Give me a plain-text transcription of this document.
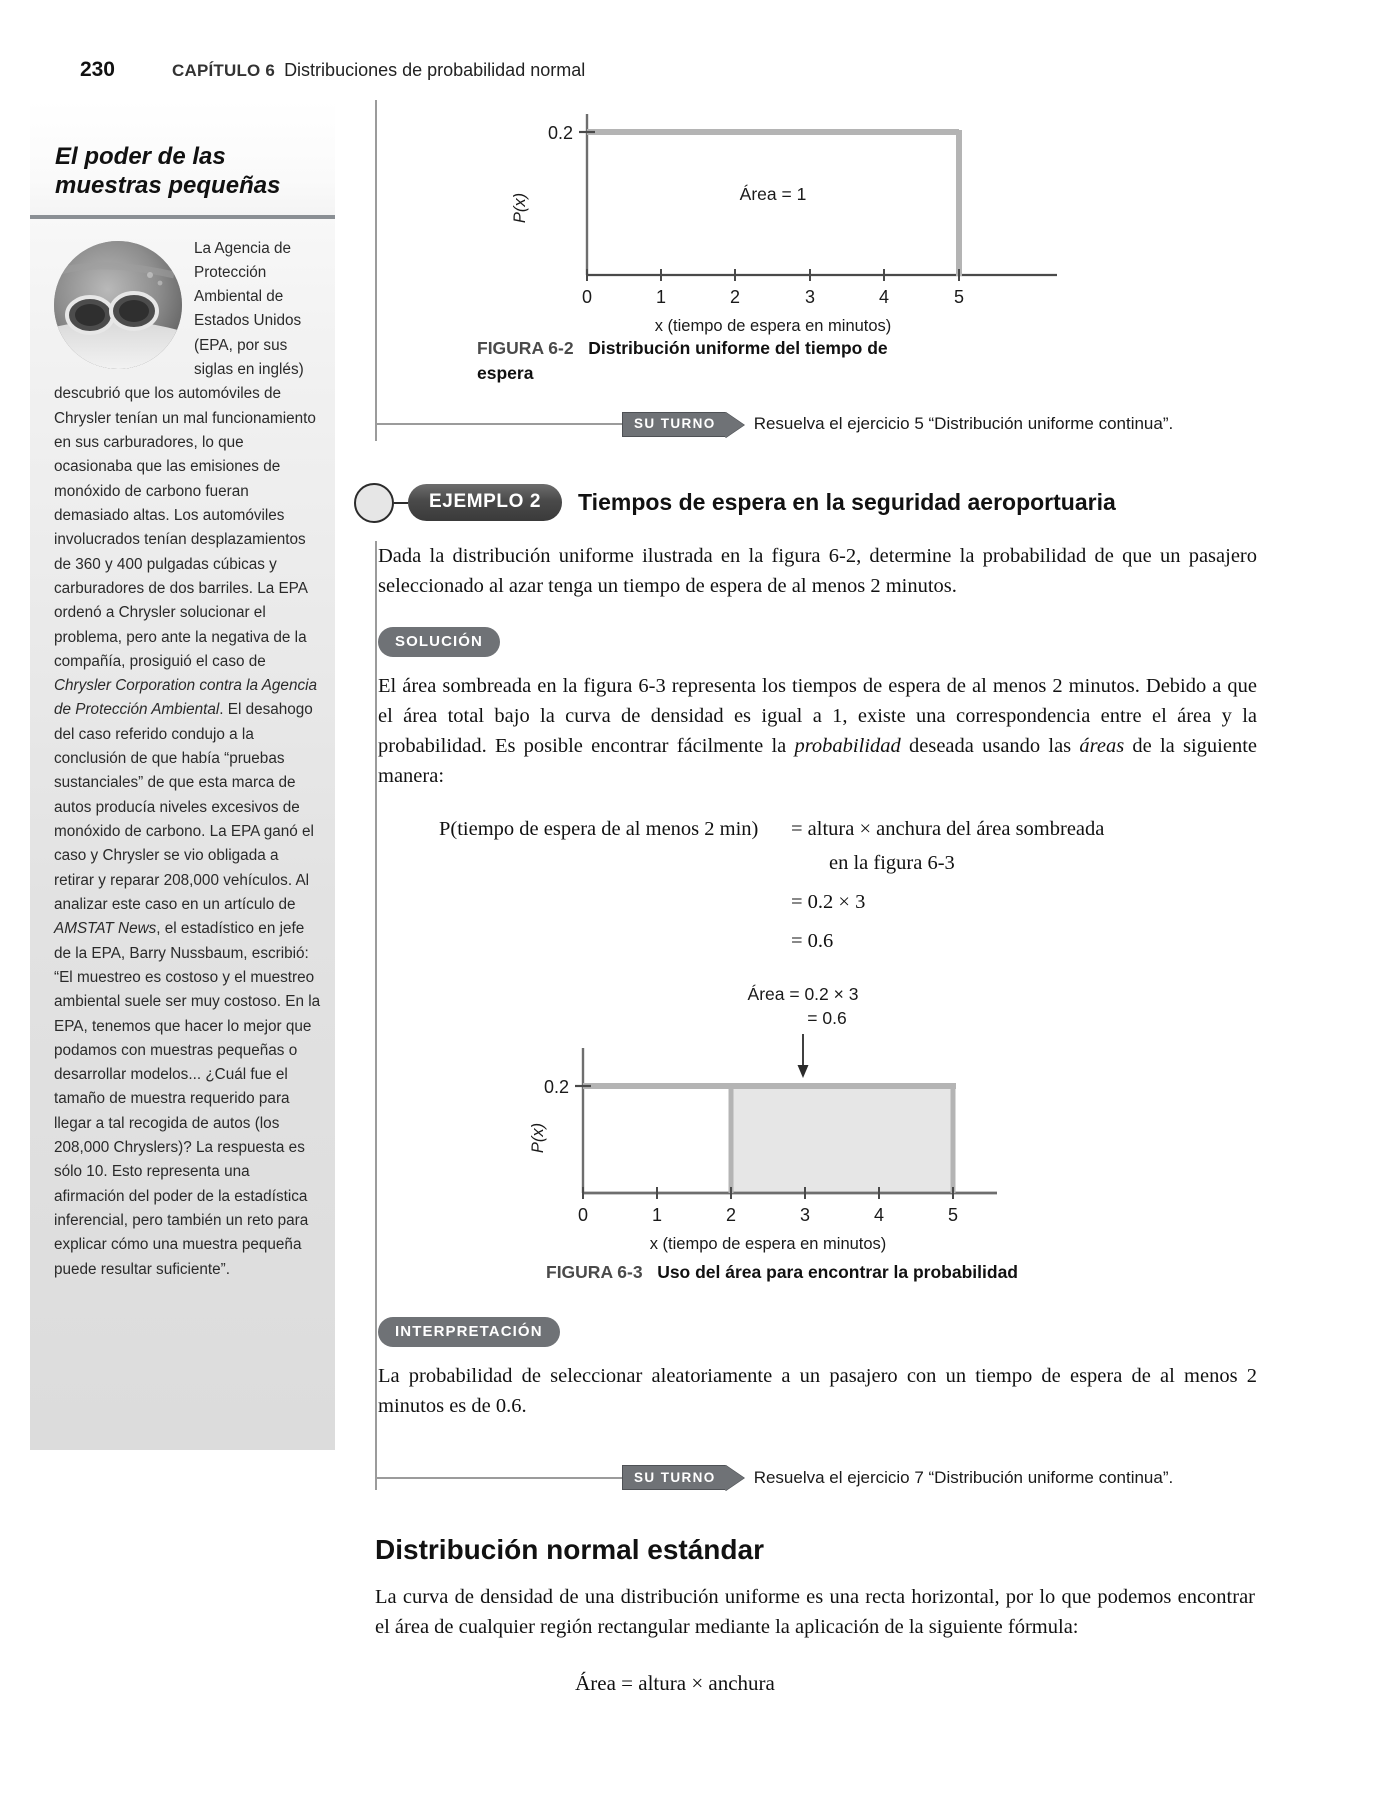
230	CAPÍTULO 6 Distribuciones de probabilidad normal
El poder de las muestras pequeñas
La Agencia de Protección Ambiental de Estados Unidos (EPA, por sus siglas en inglés) descubrió que los automóviles de Chrysler tenían un mal funcionamiento en sus carburadores, lo que ocasionaba que las emisiones de monóxido de carbono fueran demasiado altas. Los automóviles involucrados tenían desplazamientos de 360 y 400 pulgadas cúbicas y carburadores de dos barriles. La EPA ordenó a Chrysler solucionar el problema, pero ante la negativa de la compañía, prosiguió el caso de Chrysler Corporation contra la Agencia de Protección Ambiental. El desahogo del caso referido condujo a la conclusión de que había “pruebas sustanciales” de que esta marca de autos producía niveles excesivos de monóxido de carbono. La EPA ganó el caso y Chrysler se vio obligada a retirar y reparar 208,000 vehículos. Al analizar este caso en un artículo de AMSTAT News, el estadístico en jefe de la EPA, Barry Nussbaum, escribió: “El muestreo es costoso y el muestreo ambiental suele ser muy costoso. En la EPA, tenemos que hacer lo mejor que podamos con muestras pequeñas o desarrollar modelos... ¿Cuál fue el tamaño de muestra requerido para llegar a tal recogida de autos (los 208,000 Chryslers)? La respuesta es sólo 10. Esto representa una afirmación del poder de la estadística inferencial, pero también un reto para explicar cómo una muestra pequeña puede resultar suficiente”.
0.2
P(x)
0	1	2	3	4	5
x (tiempo de espera en minutos)
Área = 1
FIGURA 6-2 Distribución uniforme del tiempo de espera
SU TURNO	Resuelva el ejercicio 5 “Distribución uniforme continua”.
EJEMPLO 2	Tiempos de espera en la seguridad aeroportuaria

Dada la distribución uniforme ilustrada en la figura 6-2, determine la probabilidad de que un pasajero seleccionado al azar tenga un tiempo de espera de al menos 2 minutos.

SOLUCIÓN

El área sombreada en la figura 6-3 representa los tiempos de espera de al menos 2 minutos. Debido a que el área total bajo la curva de densidad es igual a 1, existe una correspondencia entre el área y la probabilidad. Es posible encontrar fácilmente la probabilidad deseada usando las áreas de la siguiente manera:

P(tiempo de espera de al menos 2 min)	= altura × anchura del área sombreada
en la figura 6-3
= 0.2 × 3
= 0.6
Área = 0.2 × 3
= 0.6
0.2
P(x)
0	1	2	3	4	5
x (tiempo de espera en minutos)
FIGURA 6-3 Uso del área para encontrar la probabilidad
INTERPRETACIÓN

La probabilidad de seleccionar aleatoriamente a un pasajero con un tiempo de espera de al menos 2 minutos es de 0.6.

SU TURNO	Resuelva el ejercicio 7 “Distribución uniforme continua”.
Distribución normal estándar

La curva de densidad de una distribución uniforme es una recta horizontal, por lo que podemos encontrar el área de cualquier región rectangular mediante la aplicación de la siguiente fórmula:

Área = altura × anchura
